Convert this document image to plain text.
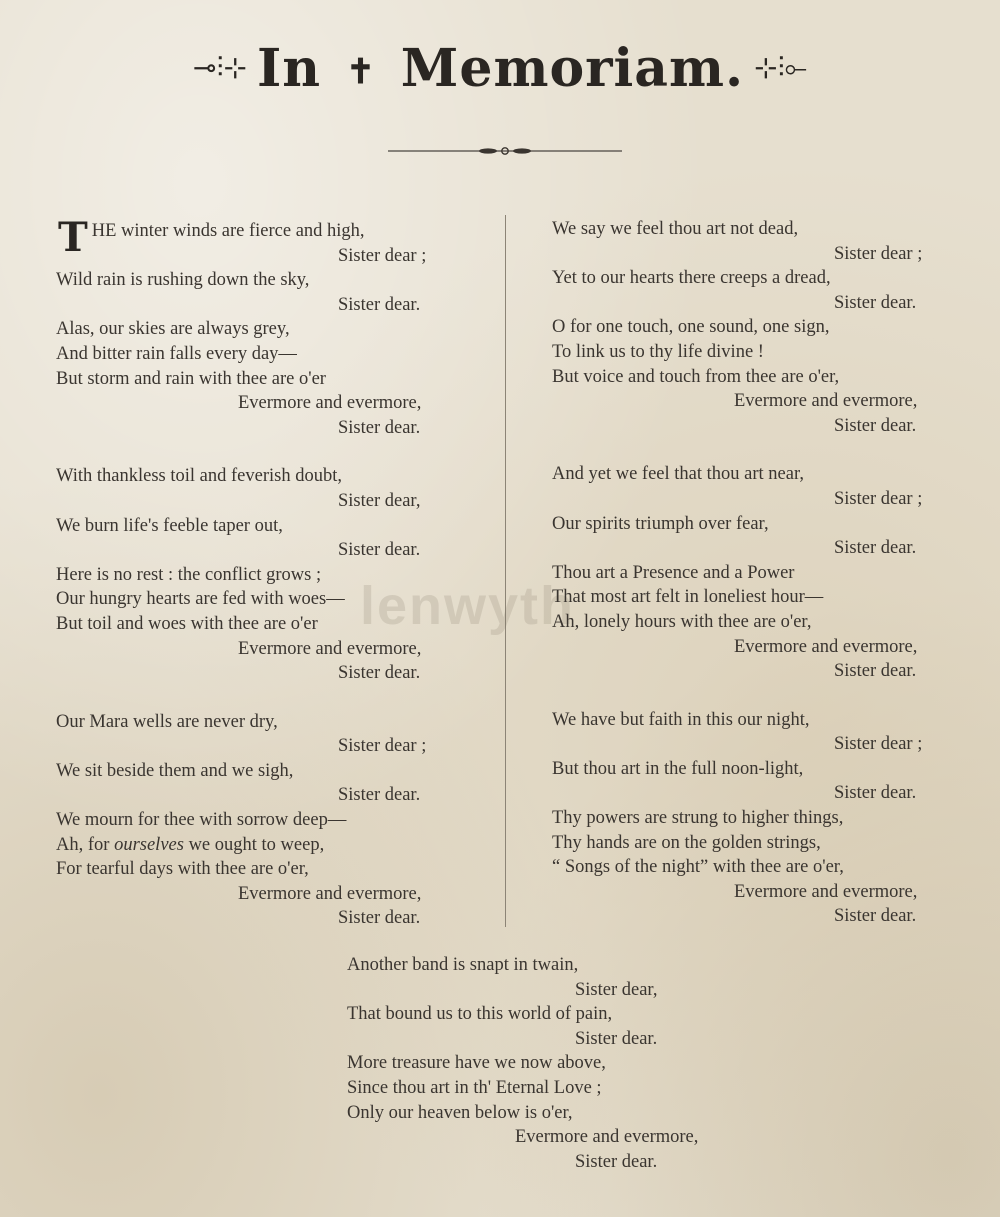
⊸⫶⊹ In ✝ Memoriam. ⊹⫶⟜
lenwyth
THE winter winds are fierce and high,
Sister dear ;
Wild rain is rushing down the sky,
Sister dear.
Alas, our skies are always grey,
And bitter rain falls every day—
But storm and rain with thee are o'er
Evermore and evermore,
Sister dear.
With thankless toil and feverish doubt,
Sister dear,
We burn life's feeble taper out,
Sister dear.
Here is no rest : the conflict grows ;
Our hungry hearts are fed with woes—
But toil and woes with thee are o'er
Evermore and evermore,
Sister dear.
Our Mara wells are never dry,
Sister dear ;
We sit beside them and we sigh,
Sister dear.
We mourn for thee with sorrow deep—
Ah, for ourselves we ought to weep,
For tearful days with thee are o'er,
Evermore and evermore,
Sister dear.
We say we feel thou art not dead,
Sister dear ;
Yet to our hearts there creeps a dread,
Sister dear.
O for one touch, one sound, one sign,
To link us to thy life divine !
But voice and touch from thee are o'er,
Evermore and evermore,
Sister dear.
And yet we feel that thou art near,
Sister dear ;
Our spirits triumph over fear,
Sister dear.
Thou art a Presence and a Power
That most art felt in loneliest hour—
Ah, lonely hours with thee are o'er,
Evermore and evermore,
Sister dear.
We have but faith in this our night,
Sister dear ;
But thou art in the full noon-light,
Sister dear.
Thy powers are strung to higher things,
Thy hands are on the golden strings,
“ Songs of the night” with thee are o'er,
Evermore and evermore,
Sister dear.
Another band is snapt in twain,
Sister dear,
That bound us to this world of pain,
Sister dear.
More treasure have we now above,
Since thou art in th' Eternal Love ;
Only our heaven below is o'er,
Evermore and evermore,
Sister dear.
